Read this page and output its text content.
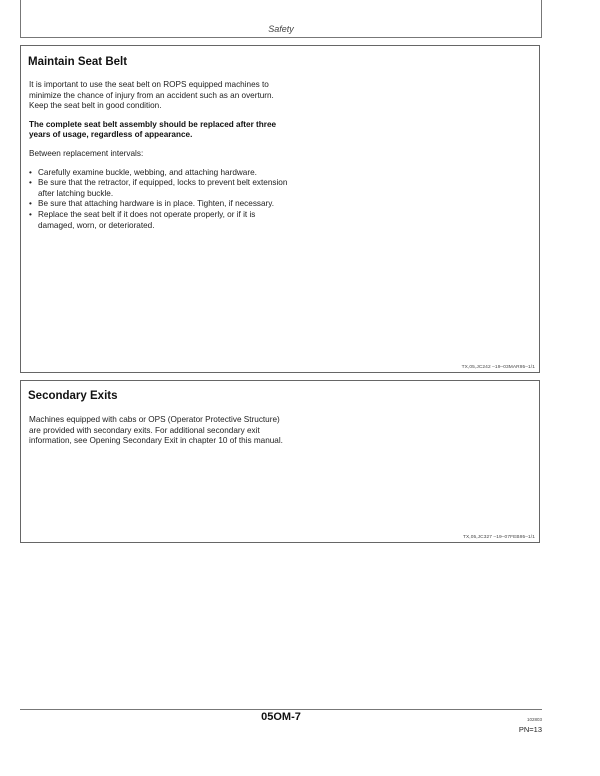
Safety
Maintain Seat Belt

It is important to use the seat belt on ROPS equipped machines to minimize the chance of injury from an accident such as an overturn. Keep the seat belt in good condition.

The complete seat belt assembly should be replaced after three years of usage, regardless of appearance.

Between replacement intervals:

• Carefully examine buckle, webbing, and attaching hardware.
• Be sure that the retractor, if equipped, locks to prevent belt extension after latching buckle.
• Be sure that attaching hardware is in place. Tighten, if necessary.
• Replace the seat belt if it does not operate properly, or if it is damaged, worn, or deteriorated.
TX,05,JC242 –19–03MAR95–1/1
Secondary Exits

Machines equipped with cabs or OPS (Operator Protective Structure) are provided with secondary exits. For additional secondary exit information, see Opening Secondary Exit in chapter 10 of this manual.

TX,05,JC327 –19–07FEB95–1/1
05OM-7	102803
PN=13
